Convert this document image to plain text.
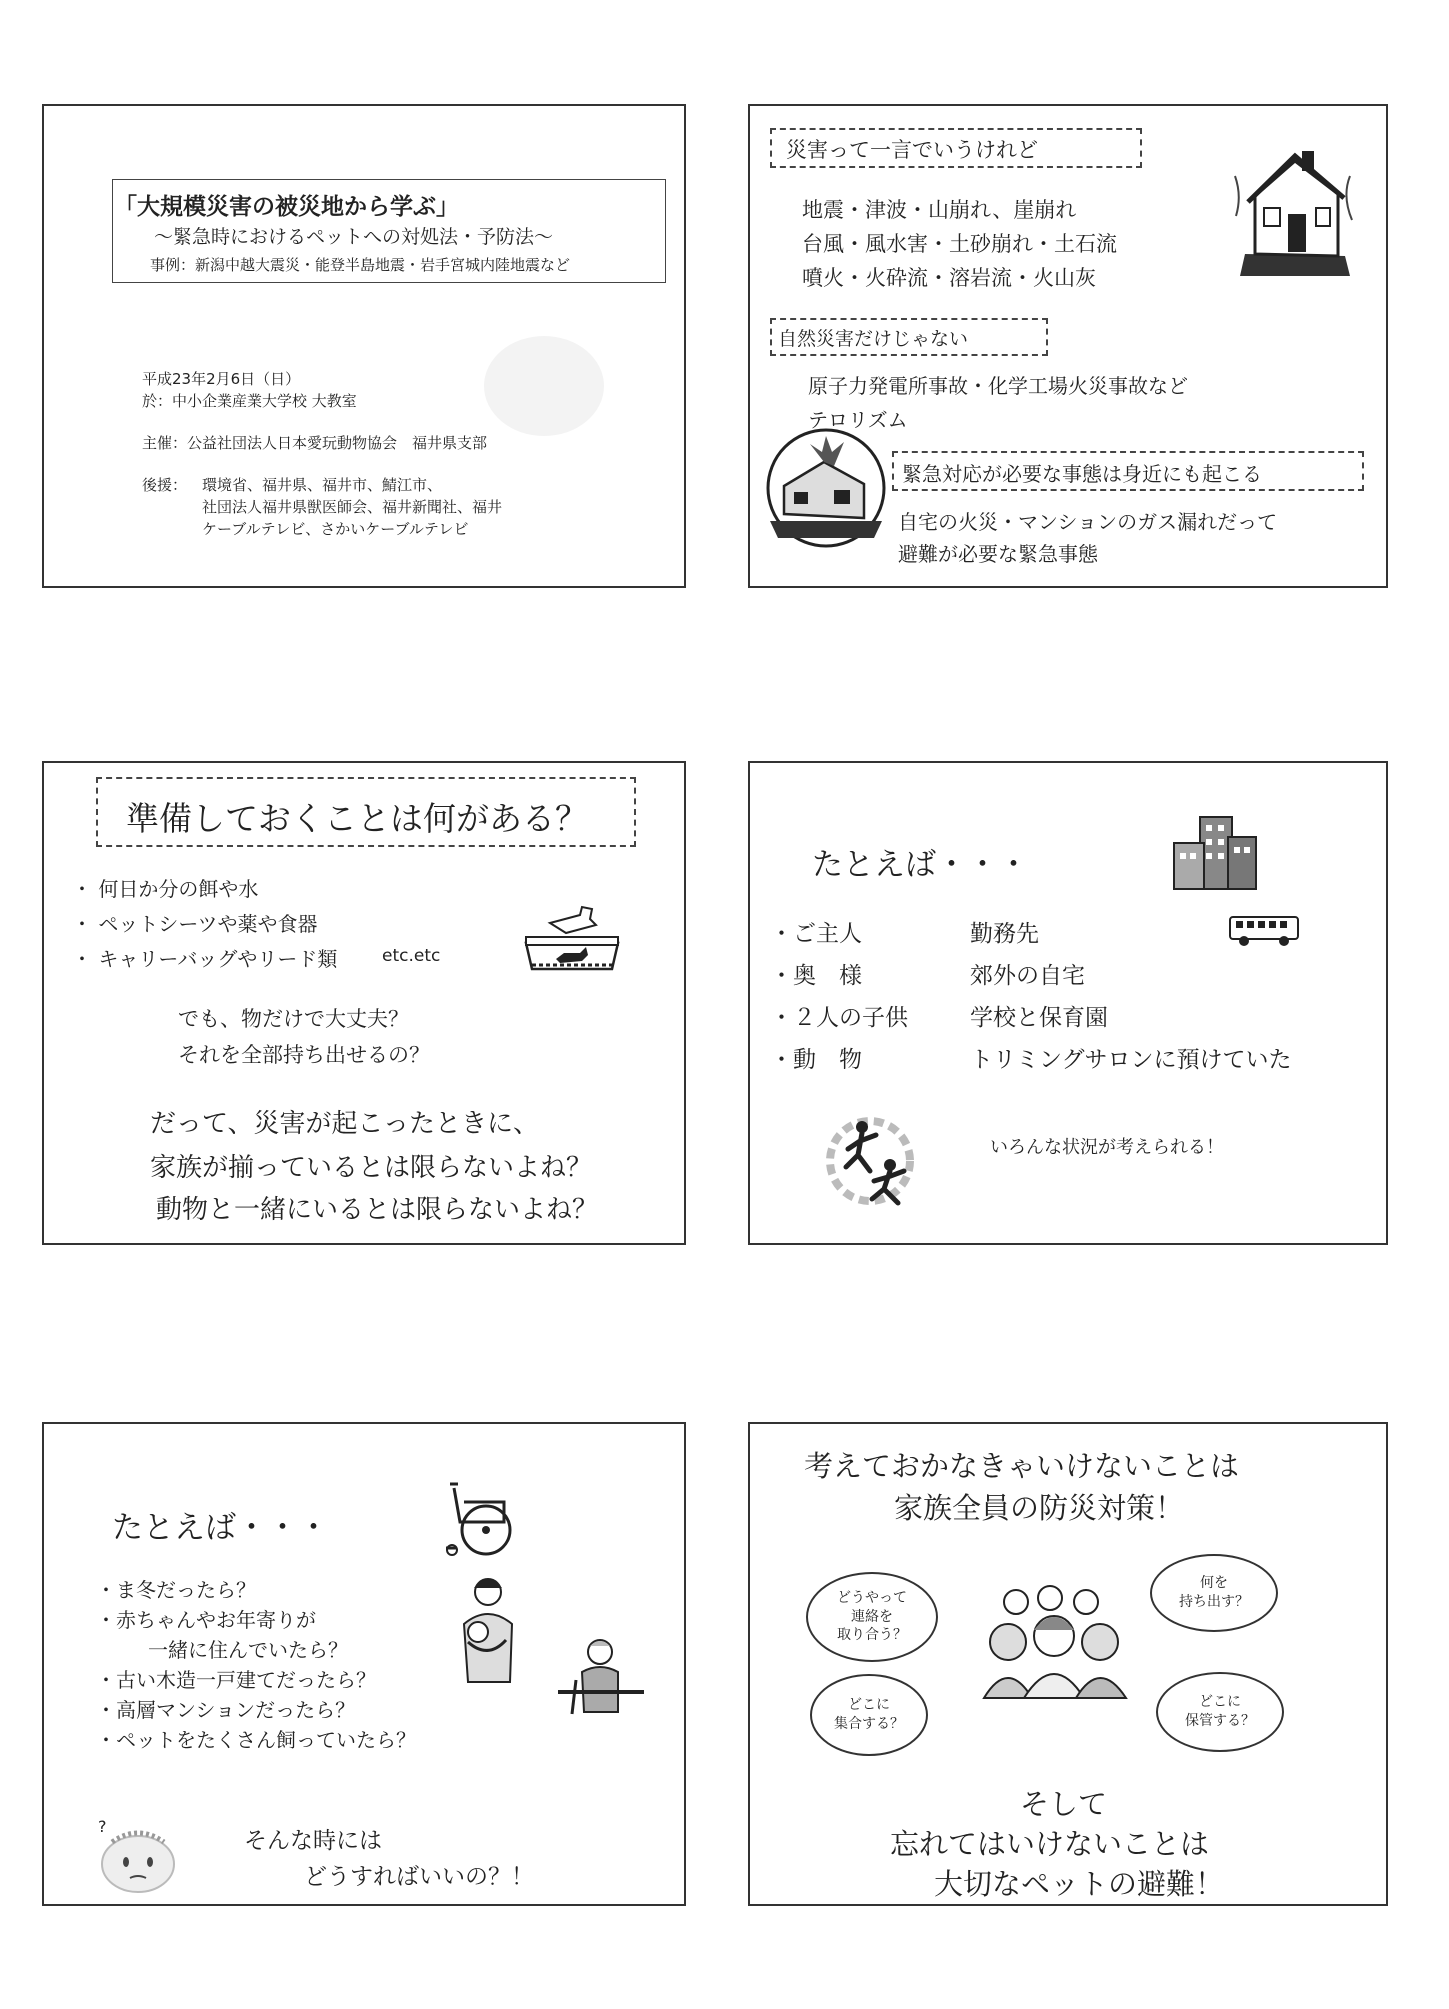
「大規模災害の被災地から学ぶ」
～緊急時におけるペットへの対処法・予防法～
事例：新潟中越大震災・能登半島地震・岩手宮城内陸地震など
平成23年2月6日（日）
於：中小企業産業大学校 大教室
主催：公益社団法人日本愛玩動物協会　福井県支部
後援： 環境省、福井県、福井市、鯖江市、
社団法人福井県獣医師会、福井新聞社、福井
ケーブルテレビ、さかいケーブルテレビ
災害って一言でいうけれど
地震・津波・山崩れ、崖崩れ
台風・風水害・土砂崩れ・土石流
噴火・火砕流・溶岩流・火山灰
自然災害だけじゃない
原子力発電所事故・化学工場火災事故など
テロリズム
緊急対応が必要な事態は身近にも起こる
自宅の火災・マンションのガス漏れだって
避難が必要な緊急事態
準備しておくことは何がある？
・ 何日か分の餌や水
・ ペットシーツや薬や食器
・ キャリーバッグやリード類	etc.etc
でも、物だけで大丈夫？
それを全部持ち出せるの？
だって、災害が起こったときに、
家族が揃っているとは限らないよね？
動物と一緒にいるとは限らないよね？
たとえば・・・
・ご主人	勤務先
・奥　様	郊外の自宅
・２人の子供	学校と保育園
・動　物	トリミングサロンに預けていた
いろんな状況が考えられる！
たとえば・・・
・ま冬だったら？
・赤ちゃんやお年寄りが
一緒に住んでいたら？
・古い木造一戸建てだったら？
・高層マンションだったら？
・ペットをたくさん飼っていたら？
?
そんな時には
どうすればいいの？！
考えておかなきゃいけないことは
家族全員の防災対策！
どうやって
連絡を
取り合う？
何を
持ち出す？
どこに
集合する？
どこに
保管する？
そして
忘れてはいけないことは
大切なペットの避難！
